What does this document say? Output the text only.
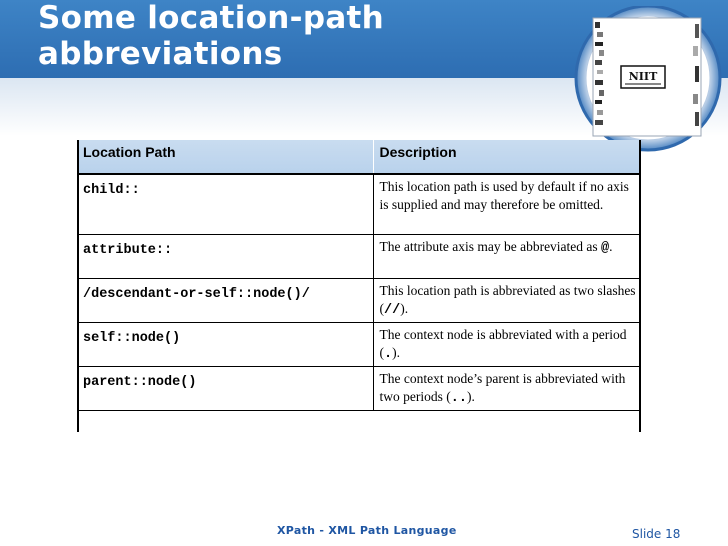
Some location-path
abbreviations
NIIT
Location Path	Description
child::	This location path is used by default if no axis is supplied and may therefore be omitted.
attribute::	The attribute axis may be abbreviated as @.
/descendant-or-self::node()/	This location path is abbreviated as two slashes (//).
self::node()	The context node is abbreviated with a period (.).
parent::node()	The context node’s parent is abbreviated with two periods (..).
XPath - XML Path Language	Slide 18
